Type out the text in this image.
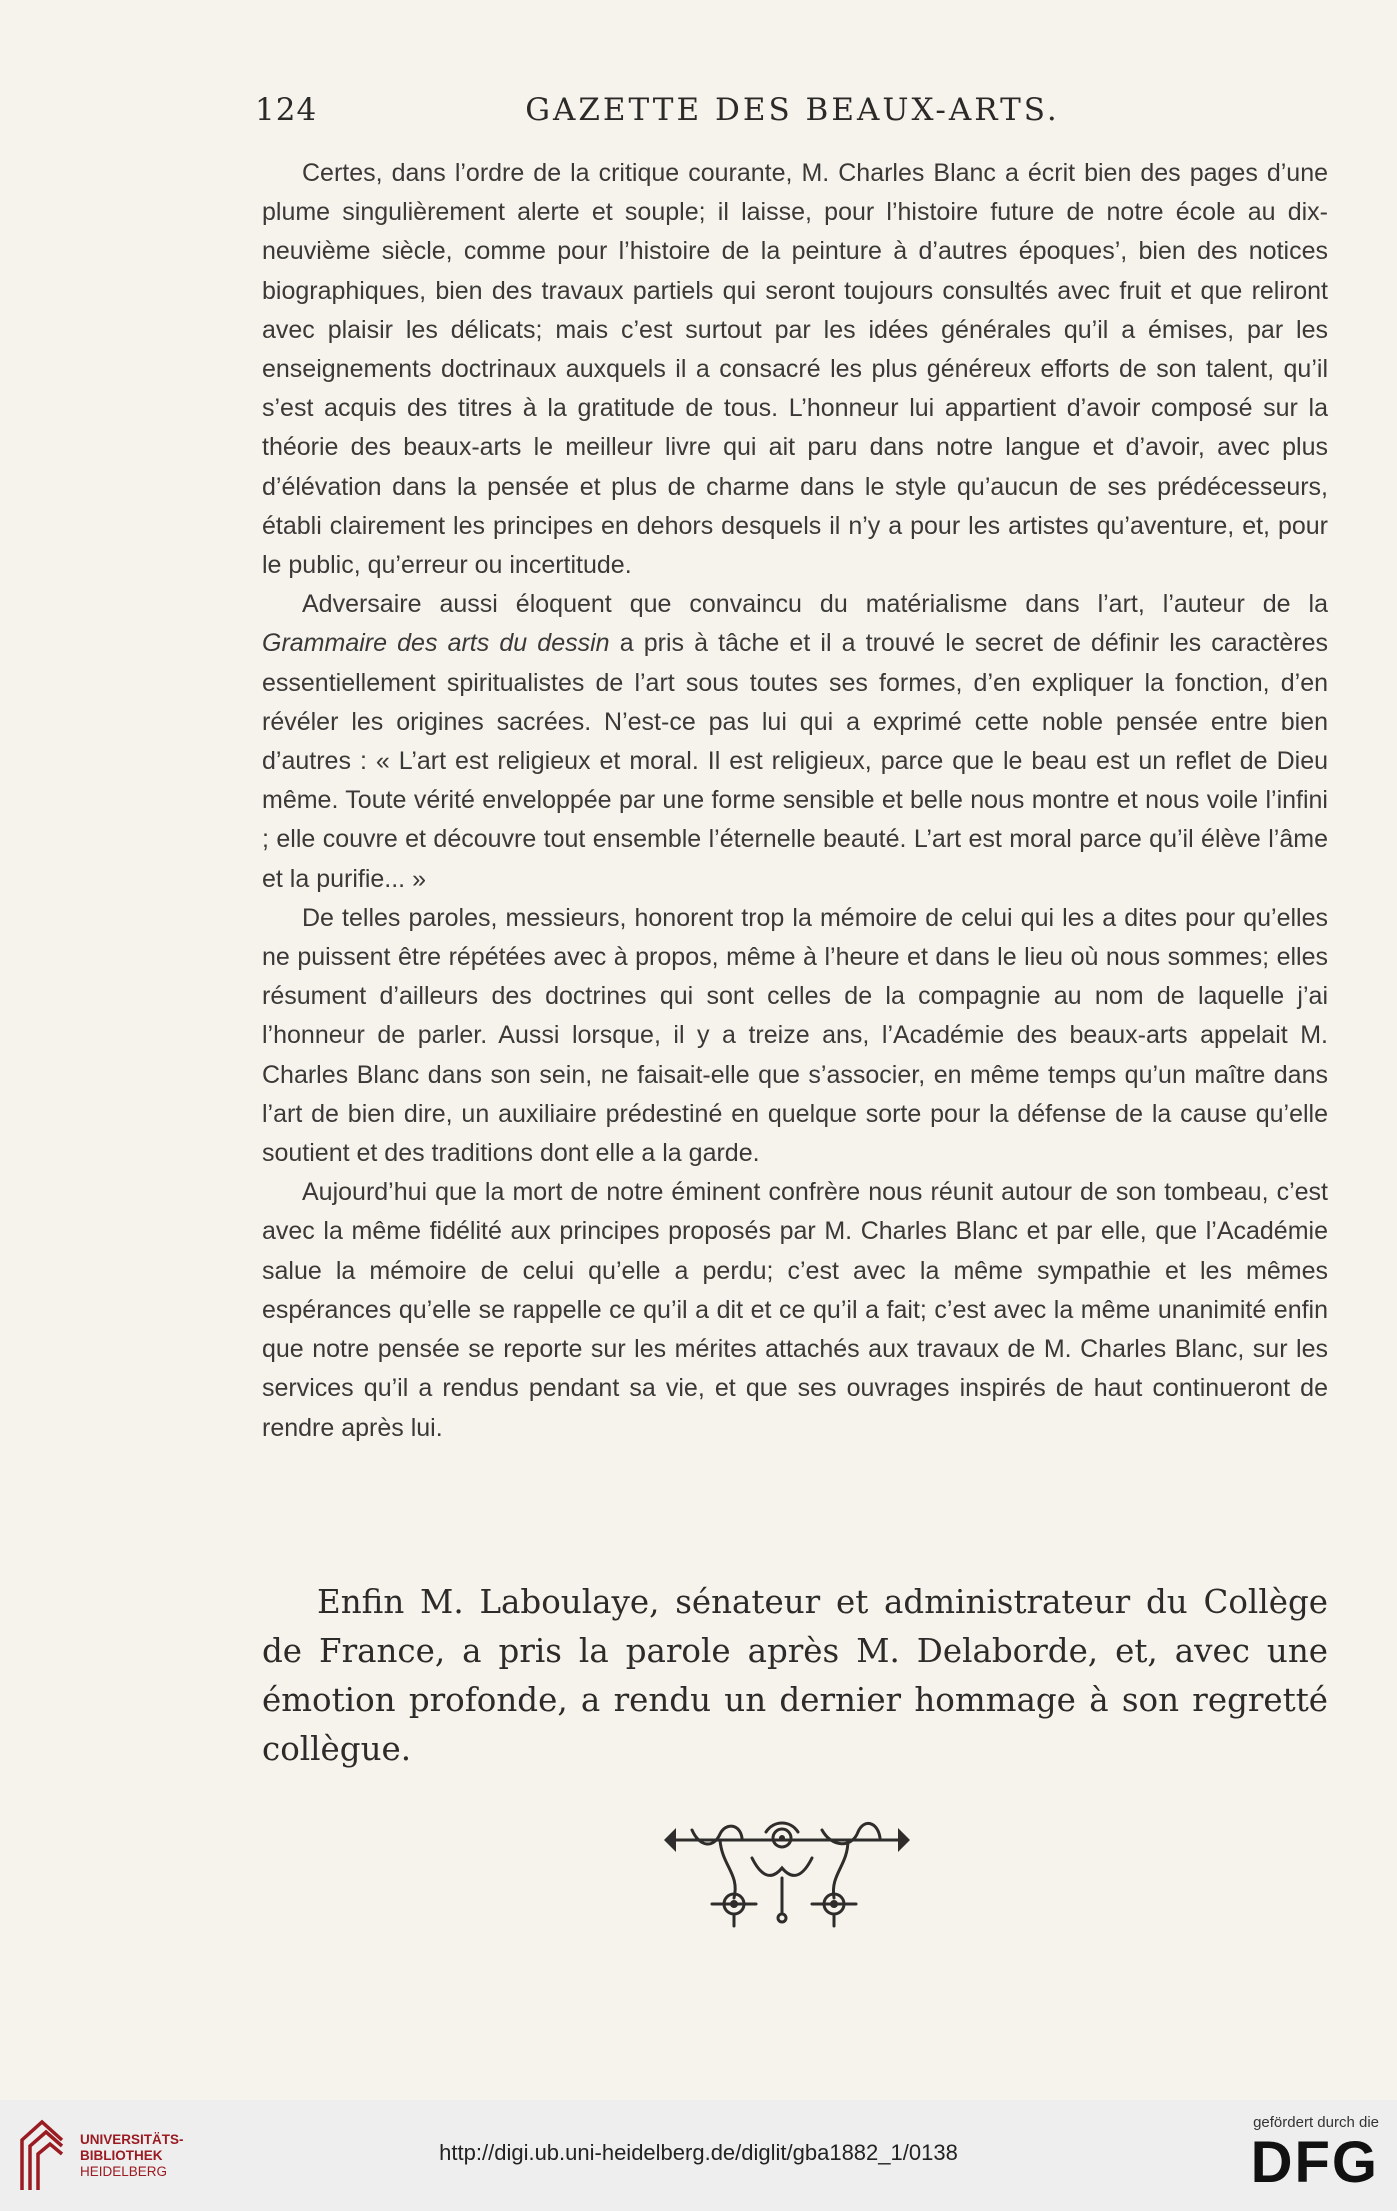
124	GAZETTE DES BEAUX-ARTS.

Certes, dans l’ordre de la critique courante, M. Charles Blanc a écrit bien des pages d’une plume singulièrement alerte et souple; il laisse, pour l’histoire future de notre école au dix-neuvième siècle, comme pour l’histoire de la peinture à d’autres époques’, bien des notices biographiques, bien des travaux partiels qui seront toujours consultés avec fruit et que reliront avec plaisir les délicats; mais c’est surtout par les idées générales qu’il a émises, par les enseignements doctrinaux auxquels il a consacré les plus généreux efforts de son talent, qu’il s’est acquis des titres à la gratitude de tous. L’honneur lui appartient d’avoir composé sur la théorie des beaux-arts le meilleur livre qui ait paru dans notre langue et d’avoir, avec plus d’élévation dans la pensée et plus de charme dans le style qu’aucun de ses prédécesseurs, établi clairement les principes en dehors desquels il n’y a pour les artistes qu’aventure, et, pour le public, qu’erreur ou incertitude.

Adversaire aussi éloquent que convaincu du matérialisme dans l’art, l’auteur de la Grammaire des arts du dessin a pris à tâche et il a trouvé le secret de définir les caractères essentiellement spiritualistes de l’art sous toutes ses formes, d’en expliquer la fonction, d’en révéler les origines sacrées. N’est-ce pas lui qui a exprimé cette noble pensée entre bien d’autres : « L’art est religieux et moral. Il est religieux, parce que le beau est un reflet de Dieu même. Toute vérité enveloppée par une forme sensible et belle nous montre et nous voile l’infini ; elle couvre et découvre tout ensemble l’éternelle beauté. L’art est moral parce qu’il élève l’âme et la purifie... »

De telles paroles, messieurs, honorent trop la mémoire de celui qui les a dites pour qu’elles ne puissent être répétées avec à propos, même à l’heure et dans le lieu où nous sommes; elles résument d’ailleurs des doctrines qui sont celles de la compagnie au nom de laquelle j’ai l’honneur de parler. Aussi lorsque, il y a treize ans, l’Académie des beaux-arts appelait M. Charles Blanc dans son sein, ne faisait-elle que s’associer, en même temps qu’un maître dans l’art de bien dire, un auxiliaire prédestiné en quelque sorte pour la défense de la cause qu’elle soutient et des traditions dont elle a la garde.

Aujourd’hui que la mort de notre éminent confrère nous réunit autour de son tombeau, c’est avec la même fidélité aux principes proposés par M. Charles Blanc et par elle, que l’Académie salue la mémoire de celui qu’elle a perdu; c’est avec la même sympathie et les mêmes espérances qu’elle se rappelle ce qu’il a dit et ce qu’il a fait; c’est avec la même unanimité enfin que notre pensée se reporte sur les mérites attachés aux travaux de M. Charles Blanc, sur les services qu’il a rendus pendant sa vie, et que ses ouvrages inspirés de haut continueront de rendre après lui.

Enfin M. Laboulaye, sénateur et administrateur du Collège de France, a pris la parole après M. Delaborde, et, avec une émotion profonde, a rendu un dernier hommage à son regretté collègue.

UNIVERSITÄTS-
BIBLIOTHEK
HEIDELBERG
http://digi.ub.uni-heidelberg.de/diglit/gba1882_1/0138
gefördert durch die
DFG
